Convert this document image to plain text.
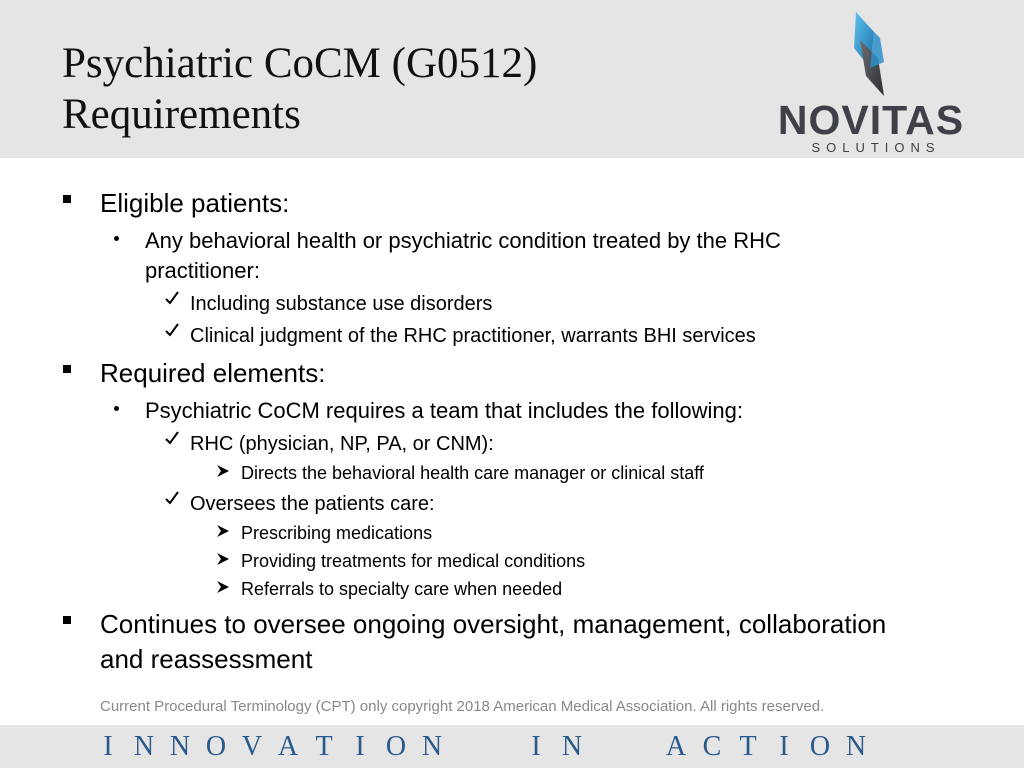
Psychiatric CoCM (G0512)
Requirements	NOVITAS
SOLUTIONS
Eligible patients:
Any behavioral health or psychiatric condition treated by the RHC
practitioner:
Including substance use disorders
Clinical judgment of the RHC practitioner, warrants BHI services
Required elements:
Psychiatric CoCM requires a team that includes the following:
RHC (physician, NP, PA, or CNM):
Directs the behavioral health care manager or clinical staff
Oversees the patients care:
Prescribing medications
Providing treatments for medical conditions
Referrals to specialty care when needed
Continues to oversee ongoing oversight, management, collaboration
and reassessment
Current Procedural Terminology (CPT) only copyright 2018 American Medical Association. All rights reserved.
I N N O V A T I O N	I N	A C T I O N
